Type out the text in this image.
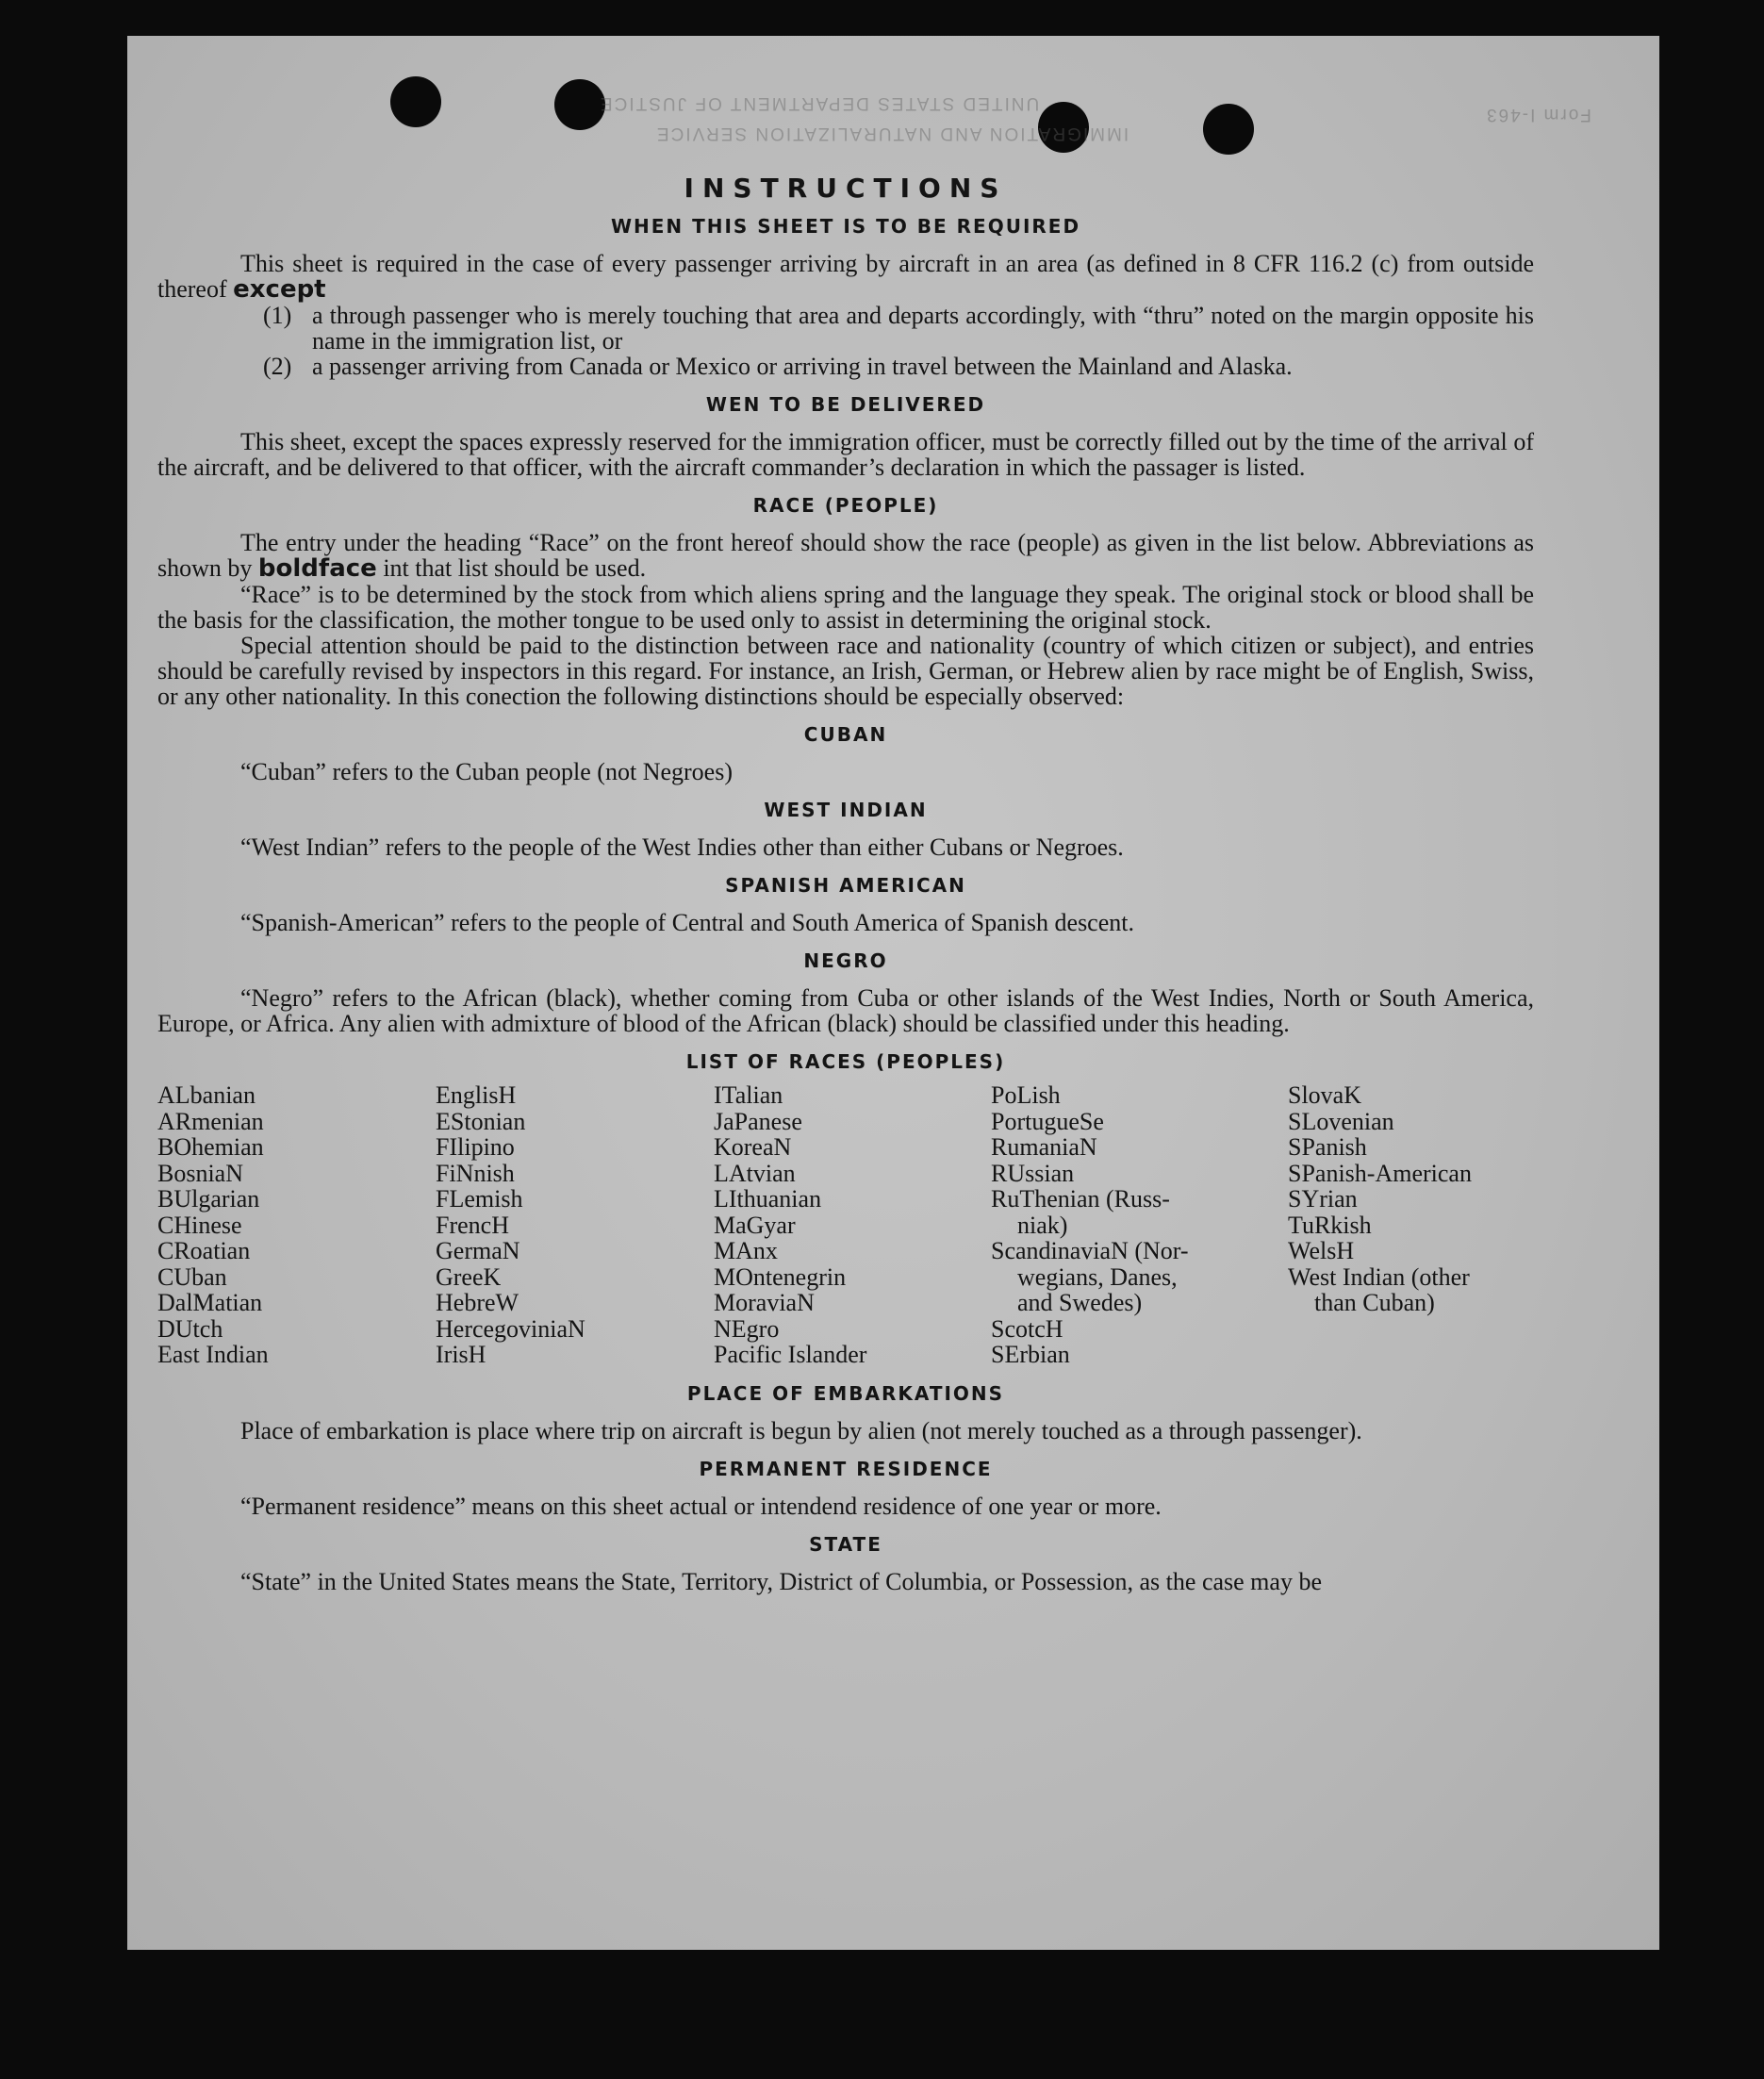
UNITED STATES DEPARTMENT OF JUSTICE
IMMIGRATION AND NATURALIZATION SERVICE
Form I-463
INSTRUCTIONS
WHEN THIS SHEET IS TO BE REQUIRED

This sheet is required in the case of every passenger arriving by aircraft in an area (as defined in 8 CFR 116.2 (c) from outside thereof except

(1) a through passenger who is merely touching that area and departs accordingly, with “thru” noted on the margin opposite his name in the immigration list, or
(2) a passenger arriving from Canada or Mexico or arriving in travel between the Mainland and Alaska.
WEN TO BE DELIVERED

This sheet, except the spaces expressly reserved for the immigration officer, must be correctly filled out by the time of the arrival of the aircraft, and be delivered to that officer, with the aircraft commander’s declaration in which the passager is listed.

RACE (PEOPLE)

The entry under the heading “Race” on the front hereof should show the race (people) as given in the list below. Abbreviations as shown by boldface int that list should be used.

“Race” is to be determined by the stock from which aliens spring and the language they speak. The original stock or blood shall be the basis for the classification, the mother tongue to be used only to assist in determining the original stock.

Special attention should be paid to the distinction between race and nationality (country of which citizen or subject), and entries should be carefully revised by inspectors in this regard. For instance, an Irish, German, or Hebrew alien by race might be of English, Swiss, or any other nationality. In this conection the following distinctions should be especially observed:

CUBAN

“Cuban” refers to the Cuban people (not Negroes)

WEST INDIAN

“West Indian” refers to the people of the West Indies other than either Cubans or Negroes.

SPANISH AMERICAN

“Spanish-American” refers to the people of Central and South America of Spanish descent.

NEGRO

“Negro” refers to the African (black), whether coming from Cuba or other islands of the West Indies, North or South America, Europe, or Africa. Any alien with admixture of blood of the African (black) should be classified under this heading.

LIST OF RACES (PEOPLES)
ALbanian
ARmenian
BOhemian
BosniaN
BUlgarian
CHinese
CRoatian
CUban
DalMatian
DUtch
East Indian
EnglisH
EStonian
FIlipino
FiNnish
FLemish
FrencH
GermaN
GreeK
HebreW
HercegoviniaN
IrisH
ITalian
JaPanese
KoreaN
LAtvian
LIthuanian
MaGyar
MAnx
MOntenegrin
MoraviaN
NEgro
Pacific Islander
PoLish
PortugueSe
RumaniaN
RUssian
RuThenian (Russ-
niak)
ScandinaviaN (Nor-
wegians, Danes,
and Swedes)
ScotcH
SErbian
SlovaK
SLovenian
SPanish
SPanish-American
SYrian
TuRkish
WelsH
West Indian (other
than Cuban)
PLACE OF EMBARKATIONS

Place of embarkation is place where trip on aircraft is begun by alien (not merely touched as a through passenger).

PERMANENT RESIDENCE

“Permanent residence” means on this sheet actual or intendend residence of one year or more.

STATE

“State” in the United States means the State, Territory, District of Columbia, or Possession, as the case may be
